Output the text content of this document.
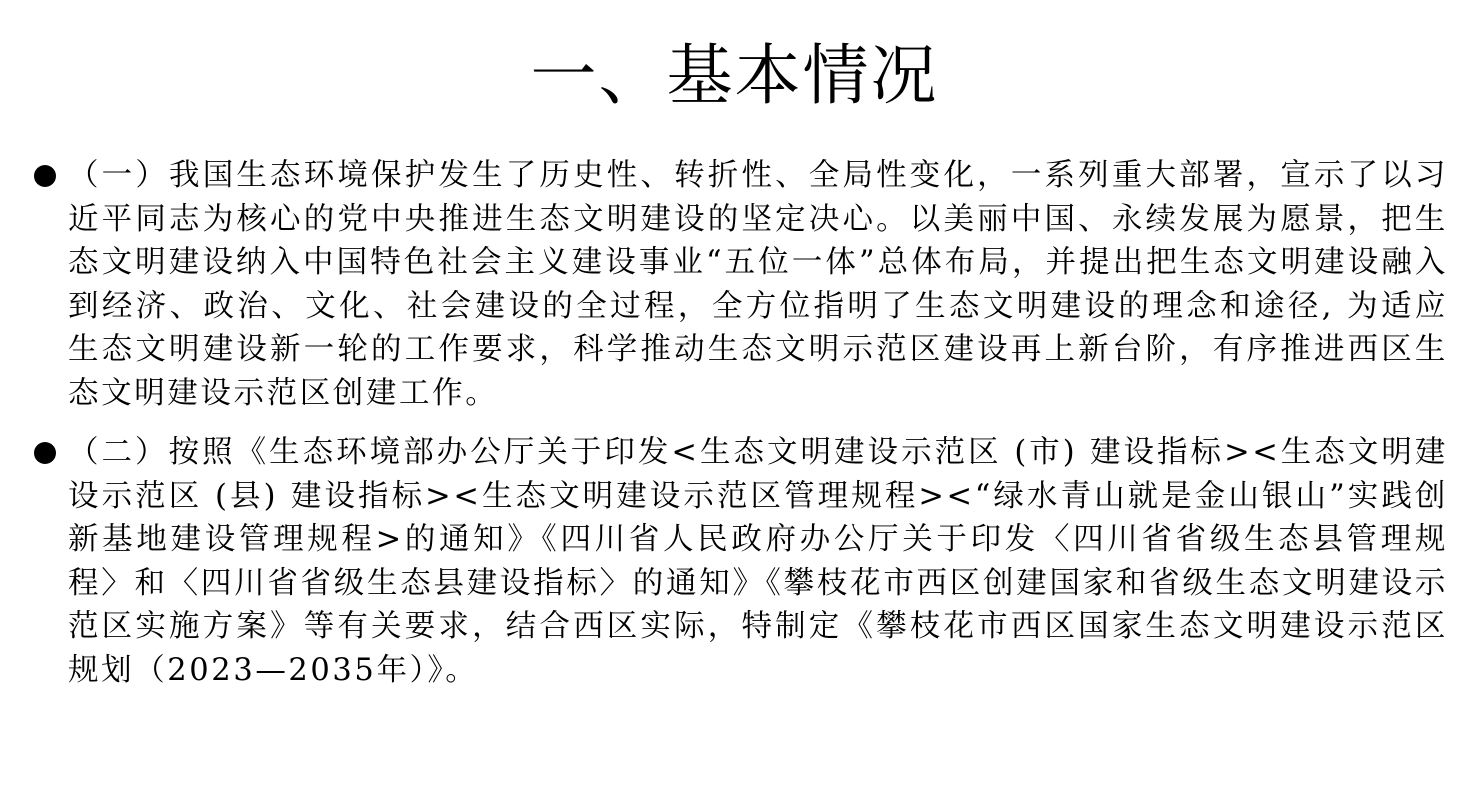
一、基本情况
（一）我国生态环境保护发生了历史性、转折性、全局性变化，一系列重大部署，宣示了以习近平同志为核心的党中央推进生态文明建设的坚定决心。以美丽中国、永续发展为愿景，把生态文明建设纳入中国特色社会主义建设事业“五位一体”总体布局，并提出把生态文明建设融入到经济、政治、文化、社会建设的全过程，全方位指明了生态文明建设的理念和途径, 为适应生态文明建设新一轮的工作要求，科学推动生态文明示范区建设再上新台阶，有序推进西区生态文明建设示范区创建工作。
（二）按照《生态环境部办公厅关于印发<生态文明建设示范区 (市) 建设指标><生态文明建设示范区 (县) 建设指标><生态文明建设示范区管理规程><“绿水青山就是金山银山”实践创新基地建设管理规程>的通知》《四川省人民政府办公厅关于印发〈四川省省级生态县管理规程〉和〈四川省省级生态县建设指标〉的通知》《攀枝花市西区创建国家和省级生态文明建设示范区实施方案》等有关要求，结合西区实际，特制定《攀枝花市西区国家生态文明建设示范区规划（2023—2035年）》。
